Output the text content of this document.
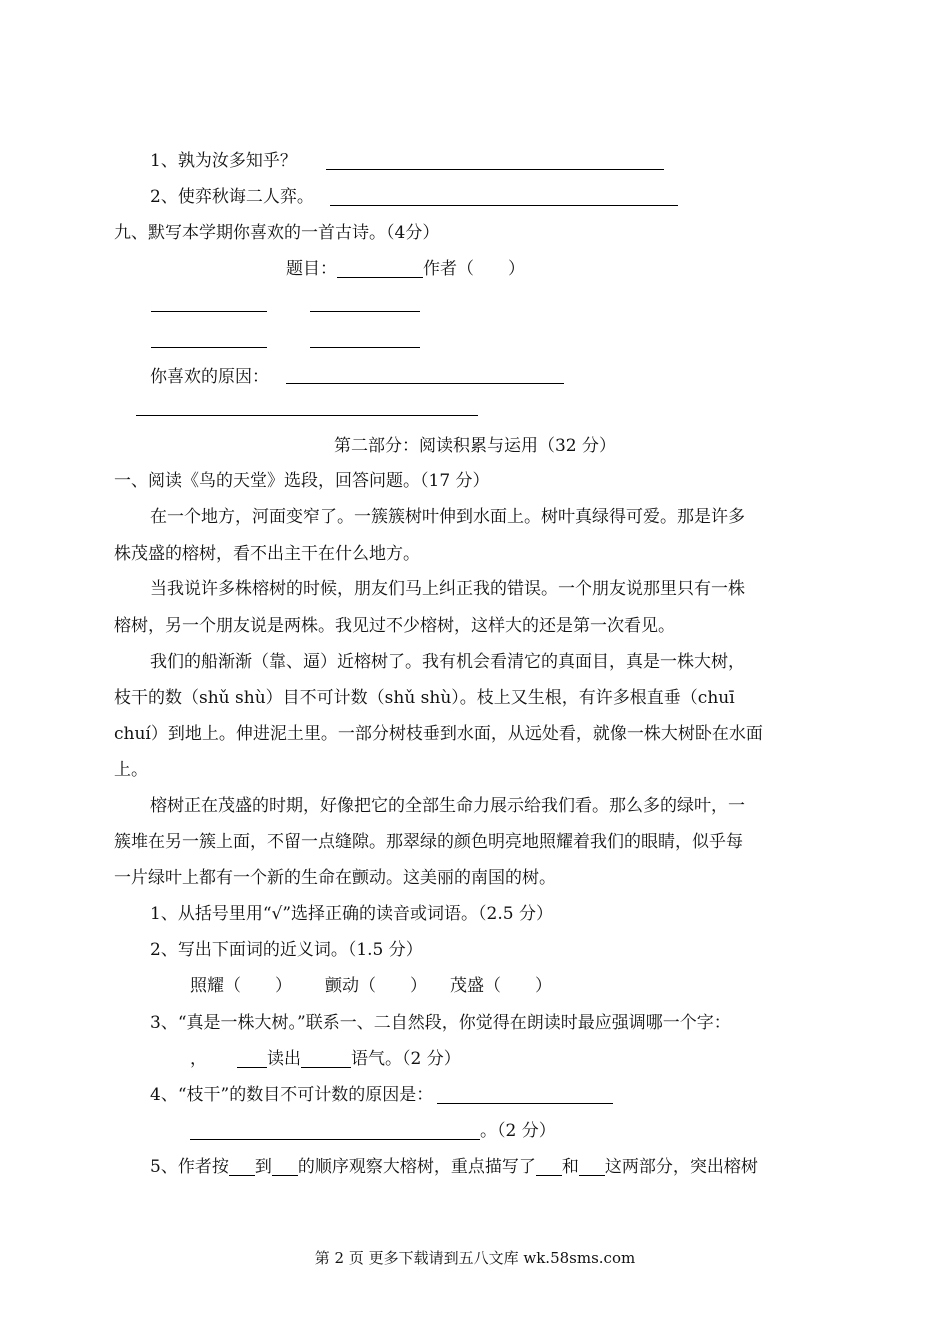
1、孰为汝多知乎？
2、使弈秋诲二人弈。
九、默写本学期你喜欢的一首古诗。（4分）
题目：	作者（　　）
你喜欢的原因：
第二部分：阅读积累与运用（32 分）
一、阅读《鸟的天堂》选段，回答问题。（17 分）
在一个地方，河面变窄了。一簇簇树叶伸到水面上。树叶真绿得可爱。那是许多
株茂盛的榕树，看不出主干在什么地方。
当我说许多株榕树的时候，朋友们马上纠正我的错误。一个朋友说那里只有一株
榕树，另一个朋友说是两株。我见过不少榕树，这样大的还是第一次看见。
我们的船渐渐（靠、逼）近榕树了。我有机会看清它的真面目，真是一株大树，
枝干的数（shǔ shù）目不可计数（shǔ shù）。枝上又生根，有许多根直垂（chuī
chuí）到地上。伸进泥土里。一部分树枝垂到水面，从远处看，就像一株大树卧在水面
上。
榕树正在茂盛的时期，好像把它的全部生命力展示给我们看。那么多的绿叶，一
簇堆在另一簇上面，不留一点缝隙。那翠绿的颜色明亮地照耀着我们的眼睛，似乎每
一片绿叶上都有一个新的生命在颤动。这美丽的南国的树。
1、从括号里用“√”选择正确的读音或词语。（2.5 分）
2、写出下面词的近义词。（1.5 分）
照耀（　　） 颤动（　　） 茂盛（　　）
3、“真是一株大树。”联系一、二自然段，你觉得在朗读时最应强调哪一个字：
，	读出	语气。（2 分）
4、“枝干”的数目不可计数的原因是：
。（2 分）
5、作者按 到 的顺序观察大榕树，重点描写了 和 这两部分，突出榕树
第 2 页 更多下载请到五八文库 wk.58sms.com
